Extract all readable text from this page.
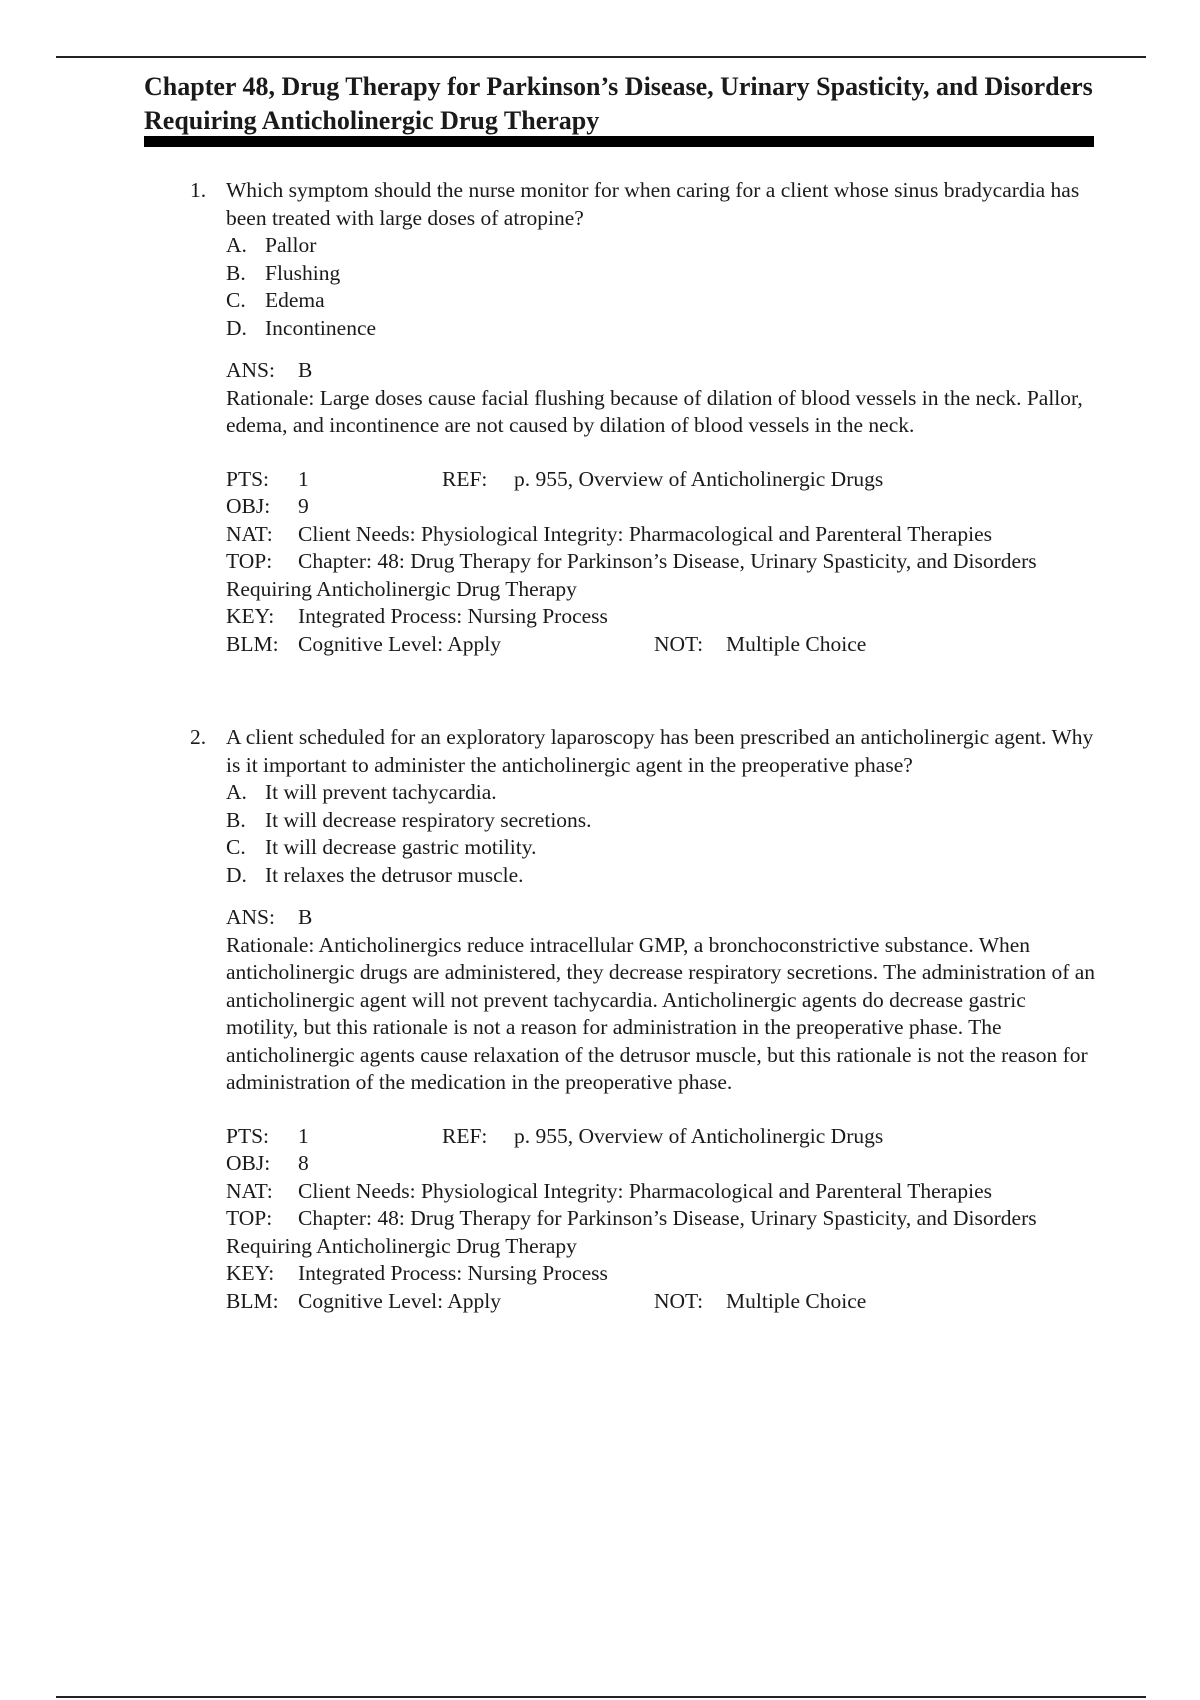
Chapter 48, Drug Therapy for Parkinson’s Disease, Urinary Spasticity, and Disorders Requiring Anticholinergic Drug Therapy
1. Which symptom should the nurse monitor for when caring for a client whose sinus bradycardia has been treated with large doses of atropine?

A. Pallor
B. Flushing
C. Edema
D. Incontinence
ANS: B

Rationale: Large doses cause facial flushing because of dilation of blood vessels in the neck. Pallor, edema, and incontinence are not caused by dilation of blood vessels in the neck.

PTS: 1	REF: p. 955, Overview of Anticholinergic Drugs
OBJ: 9
NAT: Client Needs: Physiological Integrity: Pharmacological and Parenteral Therapies
TOP: Chapter: 48: Drug Therapy for Parkinson’s Disease, Urinary Spasticity, and Disorders Requiring Anticholinergic Drug Therapy
KEY: Integrated Process: Nursing Process
BLM: Cognitive Level: Apply	NOT: Multiple Choice
2. A client scheduled for an exploratory laparoscopy has been prescribed an anticholinergic agent. Why is it important to administer the anticholinergic agent in the preoperative phase?

A. It will prevent tachycardia.
B. It will decrease respiratory secretions.
C. It will decrease gastric motility.
D. It relaxes the detrusor muscle.
ANS: B

Rationale: Anticholinergics reduce intracellular GMP, a bronchoconstrictive substance. When anticholinergic drugs are administered, they decrease respiratory secretions. The administration of an anticholinergic agent will not prevent tachycardia. Anticholinergic agents do decrease gastric motility, but this rationale is not a reason for administration in the preoperative phase. The anticholinergic agents cause relaxation of the detrusor muscle, but this rationale is not the reason for administration of the medication in the preoperative phase.

PTS: 1	REF: p. 955, Overview of Anticholinergic Drugs
OBJ: 8
NAT: Client Needs: Physiological Integrity: Pharmacological and Parenteral Therapies
TOP: Chapter: 48: Drug Therapy for Parkinson’s Disease, Urinary Spasticity, and Disorders Requiring Anticholinergic Drug Therapy
KEY: Integrated Process: Nursing Process
BLM: Cognitive Level: Apply	NOT: Multiple Choice
